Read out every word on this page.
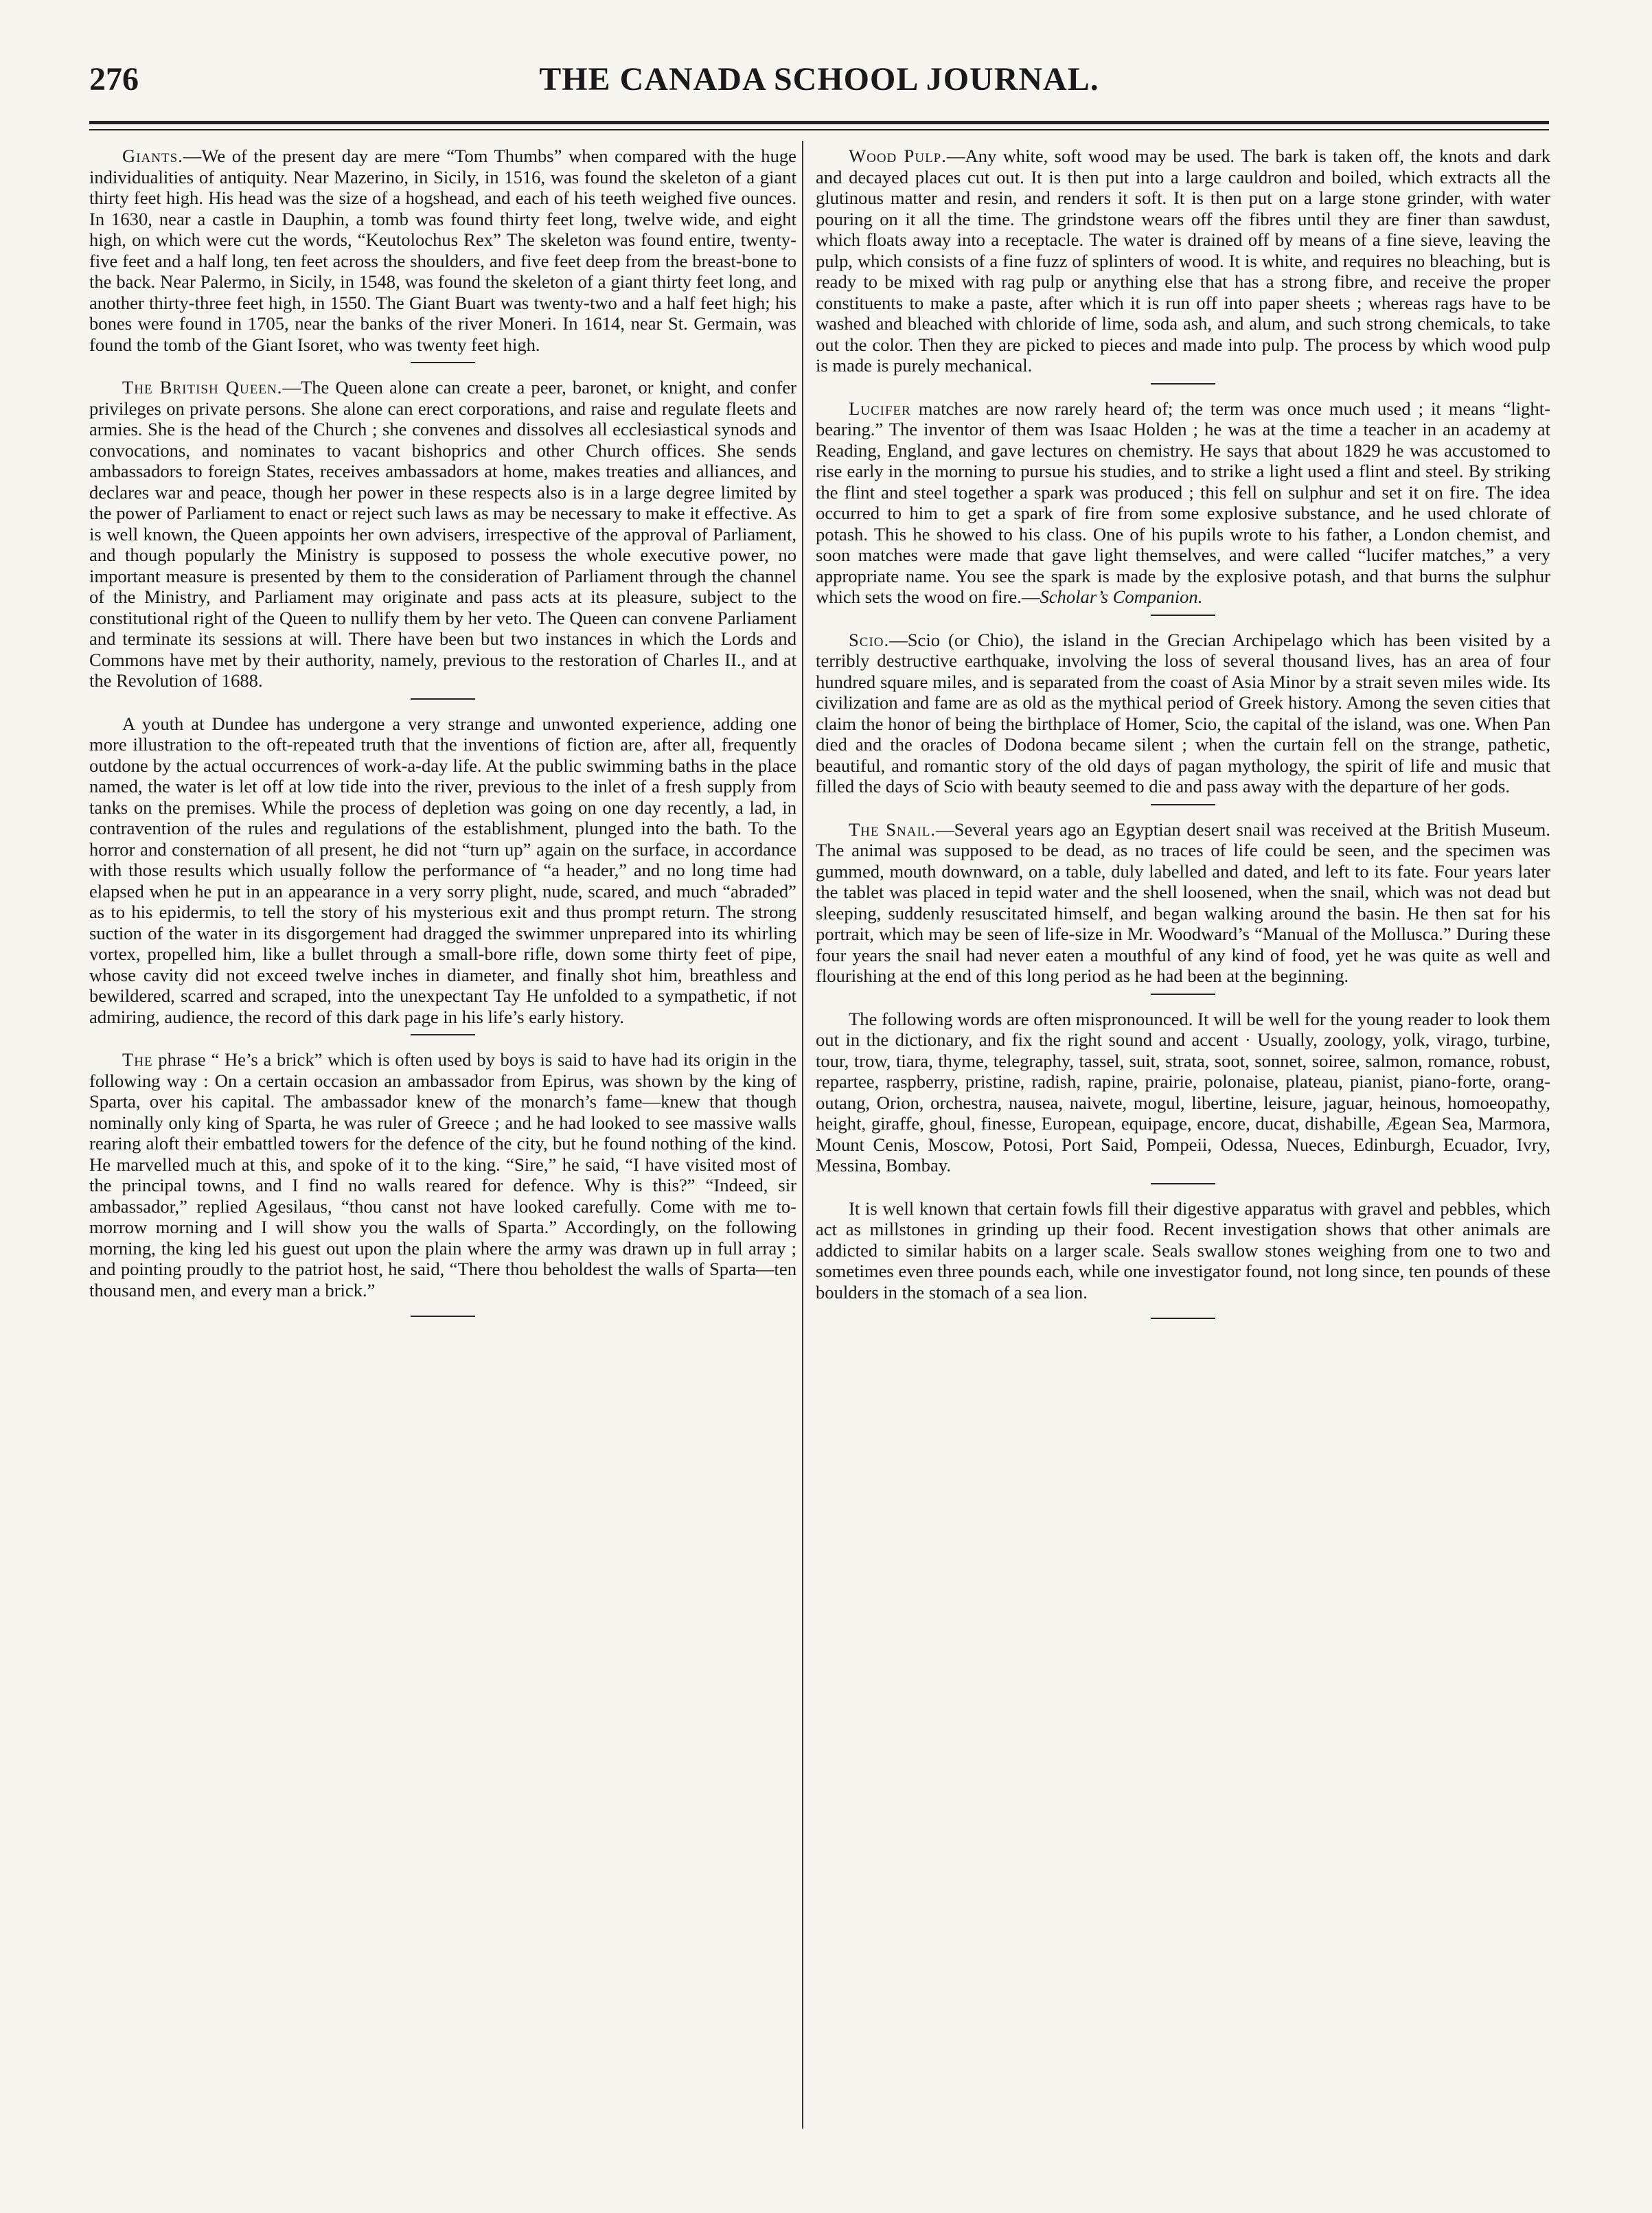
276	THE CANADA SCHOOL JOURNAL.

Giants.—We of the present day are mere “Tom Thumbs” when compared with the huge individualities of antiquity. Near Mazerino, in Sicily, in 1516, was found the skeleton of a giant thirty feet high. His head was the size of a hogshead, and each of his teeth weighed five ounces. In 1630, near a castle in Dauphin, a tomb was found thirty feet long, twelve wide, and eight high, on which were cut the words, “Keutolochus Rex” The skeleton was found entire, twenty-five feet and a half long, ten feet across the shoulders, and five feet deep from the breast-bone to the back. Near Palermo, in Sicily, in 1548, was found the skeleton of a giant thirty feet long, and another thirty-three feet high, in 1550. The Giant Buart was twenty-two and a half feet high; his bones were found in 1705, near the banks of the river Moneri. In 1614, near St. Germain, was found the tomb of the Giant Isoret, who was twenty feet high.

The British Queen.—The Queen alone can create a peer, baronet, or knight, and confer privileges on private persons. She alone can erect corporations, and raise and regulate fleets and armies. She is the head of the Church ; she convenes and dissolves all ecclesiastical synods and convocations, and nominates to vacant bishoprics and other Church offices. She sends ambassadors to foreign States, receives ambassadors at home, makes treaties and alliances, and declares war and peace, though her power in these respects also is in a large degree limited by the power of Parliament to enact or reject such laws as may be necessary to make it effective. As is well known, the Queen appoints her own advisers, irrespective of the approval of Parliament, and though popularly the Ministry is supposed to possess the whole executive power, no important measure is presented by them to the consideration of Parliament through the channel of the Ministry, and Parliament may originate and pass acts at its pleasure, subject to the constitutional right of the Queen to nullify them by her veto. The Queen can convene Parliament and terminate its sessions at will. There have been but two instances in which the Lords and Commons have met by their authority, namely, previous to the restoration of Charles II., and at the Revolution of 1688.

A youth at Dundee has undergone a very strange and unwonted experience, adding one more illustration to the oft-repeated truth that the inventions of fiction are, after all, frequently outdone by the actual occurrences of work-a-day life. At the public swimming baths in the place named, the water is let off at low tide into the river, previous to the inlet of a fresh supply from tanks on the premises. While the process of depletion was going on one day recently, a lad, in contravention of the rules and regulations of the establishment, plunged into the bath. To the horror and consternation of all present, he did not “turn up” again on the surface, in accordance with those results which usually follow the performance of “a header,” and no long time had elapsed when he put in an appearance in a very sorry plight, nude, scared, and much “abraded” as to his epidermis, to tell the story of his mysterious exit and thus prompt return. The strong suction of the water in its disgorgement had dragged the swimmer unprepared into its whirling vortex, propelled him, like a bullet through a small-bore rifle, down some thirty feet of pipe, whose cavity did not exceed twelve inches in diameter, and finally shot him, breathless and bewildered, scarred and scraped, into the unexpectant Tay He unfolded to a sympathetic, if not admiring, audience, the record of this dark page in his life’s early history.

The phrase “ He’s a brick” which is often used by boys is said to have had its origin in the following way : On a certain occasion an ambassador from Epirus, was shown by the king of Sparta, over his capital. The ambassador knew of the monarch’s fame—knew that though nominally only king of Sparta, he was ruler of Greece ; and he had looked to see massive walls rearing aloft their embattled towers for the defence of the city, but he found nothing of the kind. He marvelled much at this, and spoke of it to the king. “Sire,” he said, “I have visited most of the principal towns, and I find no walls reared for defence. Why is this?” “Indeed, sir ambassador,” replied Agesilaus, “thou canst not have looked carefully. Come with me to-morrow morning and I will show you the walls of Sparta.” Accordingly, on the following morning, the king led his guest out upon the plain where the army was drawn up in full array ; and pointing proudly to the patriot host, he said, “There thou beholdest the walls of Sparta—ten thousand men, and every man a brick.”

Wood Pulp.—Any white, soft wood may be used. The bark is taken off, the knots and dark and decayed places cut out. It is then put into a large cauldron and boiled, which extracts all the glutinous matter and resin, and renders it soft. It is then put on a large stone grinder, with water pouring on it all the time. The grindstone wears off the fibres until they are finer than sawdust, which floats away into a receptacle. The water is drained off by means of a fine sieve, leaving the pulp, which consists of a fine fuzz of splinters of wood. It is white, and requires no bleaching, but is ready to be mixed with rag pulp or anything else that has a strong fibre, and receive the proper constituents to make a paste, after which it is run off into paper sheets ; whereas rags have to be washed and bleached with chloride of lime, soda ash, and alum, and such strong chemicals, to take out the color. Then they are picked to pieces and made into pulp. The process by which wood pulp is made is purely mechanical.

Lucifer matches are now rarely heard of; the term was once much used ; it means “light-bearing.” The inventor of them was Isaac Holden ; he was at the time a teacher in an academy at Reading, England, and gave lectures on chemistry. He says that about 1829 he was accustomed to rise early in the morning to pursue his studies, and to strike a light used a flint and steel. By striking the flint and steel together a spark was produced ; this fell on sulphur and set it on fire. The idea occurred to him to get a spark of fire from some explosive substance, and he used chlorate of potash. This he showed to his class. One of his pupils wrote to his father, a London chemist, and soon matches were made that gave light themselves, and were called “lucifer matches,” a very appropriate name. You see the spark is made by the explosive potash, and that burns the sulphur which sets the wood on fire.—Scholar’s Companion.

Scio.—Scio (or Chio), the island in the Grecian Archipelago which has been visited by a terribly destructive earthquake, involving the loss of several thousand lives, has an area of four hundred square miles, and is separated from the coast of Asia Minor by a strait seven miles wide. Its civilization and fame are as old as the mythical period of Greek history. Among the seven cities that claim the honor of being the birthplace of Homer, Scio, the capital of the island, was one. When Pan died and the oracles of Dodona became silent ; when the curtain fell on the strange, pathetic, beautiful, and romantic story of the old days of pagan mythology, the spirit of life and music that filled the days of Scio with beauty seemed to die and pass away with the departure of her gods.

The Snail.—Several years ago an Egyptian desert snail was received at the British Museum. The animal was supposed to be dead, as no traces of life could be seen, and the specimen was gummed, mouth downward, on a table, duly labelled and dated, and left to its fate. Four years later the tablet was placed in tepid water and the shell loosened, when the snail, which was not dead but sleeping, suddenly resuscitated himself, and began walking around the basin. He then sat for his portrait, which may be seen of life-size in Mr. Woodward’s “Manual of the Mollusca.” During these four years the snail had never eaten a mouthful of any kind of food, yet he was quite as well and flourishing at the end of this long period as he had been at the beginning.

The following words are often mispronounced. It will be well for the young reader to look them out in the dictionary, and fix the right sound and accent · Usually, zoology, yolk, virago, turbine, tour, trow, tiara, thyme, telegraphy, tassel, suit, strata, soot, sonnet, soiree, salmon, romance, robust, repartee, raspberry, pristine, radish, rapine, prairie, polonaise, plateau, pianist, piano-forte, orang-outang, Orion, orchestra, nausea, naivete, mogul, libertine, leisure, jaguar, heinous, homoeopathy, height, giraffe, ghoul, finesse, European, equipage, encore, ducat, dishabille, Ægean Sea, Marmora, Mount Cenis, Moscow, Potosi, Port Said, Pompeii, Odessa, Nueces, Edinburgh, Ecuador, Ivry, Messina, Bombay.

It is well known that certain fowls fill their digestive apparatus with gravel and pebbles, which act as millstones in grinding up their food. Recent investigation shows that other animals are addicted to similar habits on a larger scale. Seals swallow stones weighing from one to two and sometimes even three pounds each, while one investigator found, not long since, ten pounds of these boulders in the stomach of a sea lion.
